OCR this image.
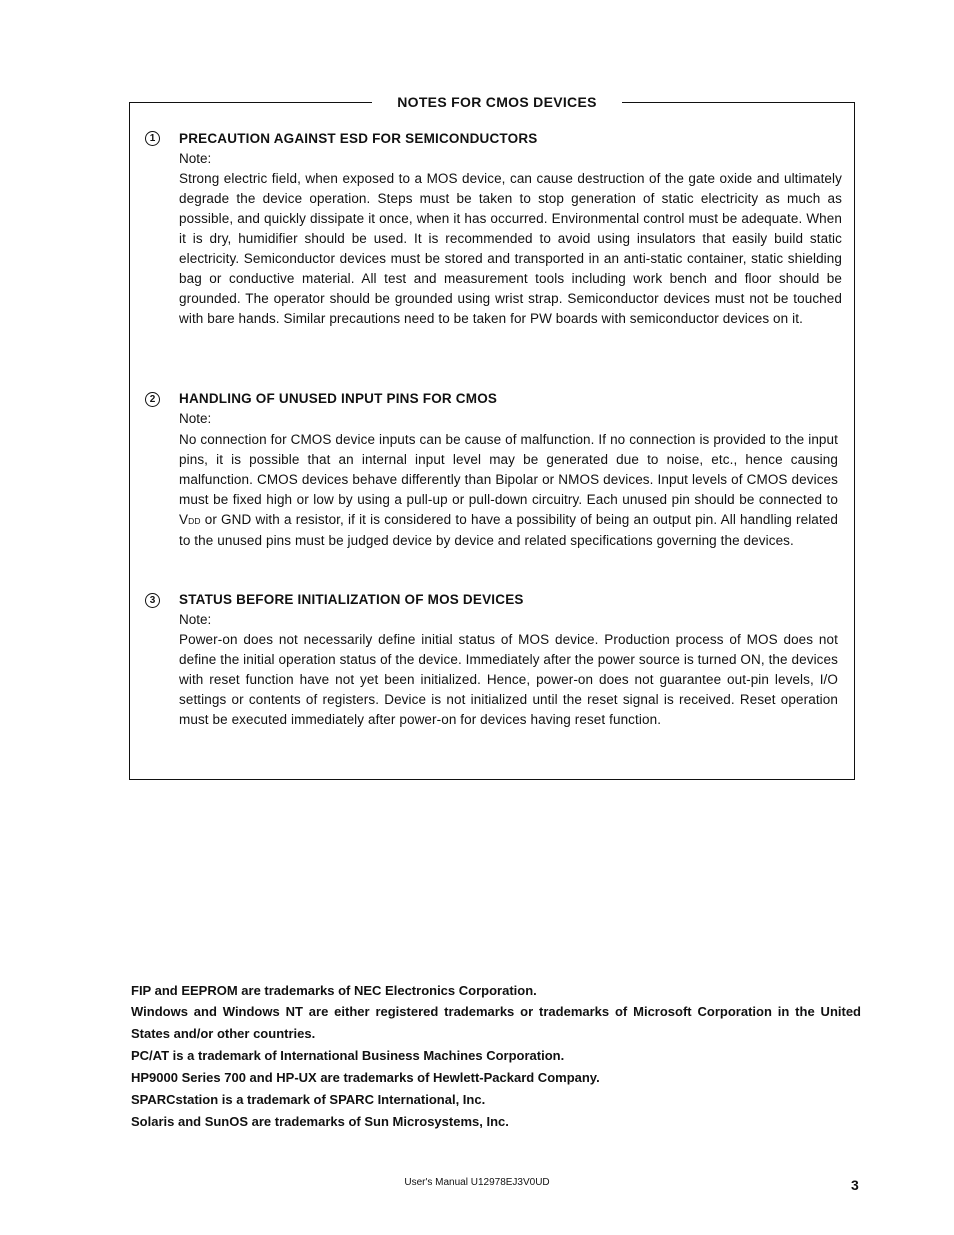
NOTES FOR CMOS DEVICES
1	PRECAUTION AGAINST ESD FOR SEMICONDUCTORS
Note:
Strong electric field, when exposed to a MOS device, can cause destruction of the gate oxide and ultimately degrade the device operation. Steps must be taken to stop generation of static electricity as much as possible, and quickly dissipate it once, when it has occurred. Environmental control must be adequate. When it is dry, humidifier should be used. It is recommended to avoid using insulators that easily build static electricity. Semiconductor devices must be stored and transported in an anti-static container, static shielding bag or conductive material. All test and measurement tools including work bench and floor should be grounded. The operator should be grounded using wrist strap. Semiconductor devices must not be touched with bare hands. Similar precautions need to be taken for PW boards with semiconductor devices on it.
2	HANDLING OF UNUSED INPUT PINS FOR CMOS
Note:
No connection for CMOS device inputs can be cause of malfunction. If no connection is provided to the input pins, it is possible that an internal input level may be generated due to noise, etc., hence causing malfunction. CMOS devices behave differently than Bipolar or NMOS devices. Input levels of CMOS devices must be fixed high or low by using a pull-up or pull-down circuitry. Each unused pin should be connected to VDD or GND with a resistor, if it is considered to have a possibility of being an output pin. All handling related to the unused pins must be judged device by device and related specifications governing the devices.
3	STATUS BEFORE INITIALIZATION OF MOS DEVICES
Note:
Power-on does not necessarily define initial status of MOS device. Production process of MOS does not define the initial operation status of the device. Immediately after the power source is turned ON, the devices with reset function have not yet been initialized. Hence, power-on does not guarantee out-pin levels, I/O settings or contents of registers. Device is not initialized until the reset signal is received. Reset operation must be executed immediately after power-on for devices having reset function.
FIP and EEPROM are trademarks of NEC Electronics Corporation.
Windows and Windows NT are either registered trademarks or trademarks of Microsoft Corporation in the United States and/or other countries.
PC/AT is a trademark of International Business Machines Corporation.
HP9000 Series 700 and HP-UX are trademarks of Hewlett-Packard Company.
SPARCstation is a trademark of SPARC International, Inc.
Solaris and SunOS are trademarks of Sun Microsystems, Inc.
User's Manual U12978EJ3V0UD	3
